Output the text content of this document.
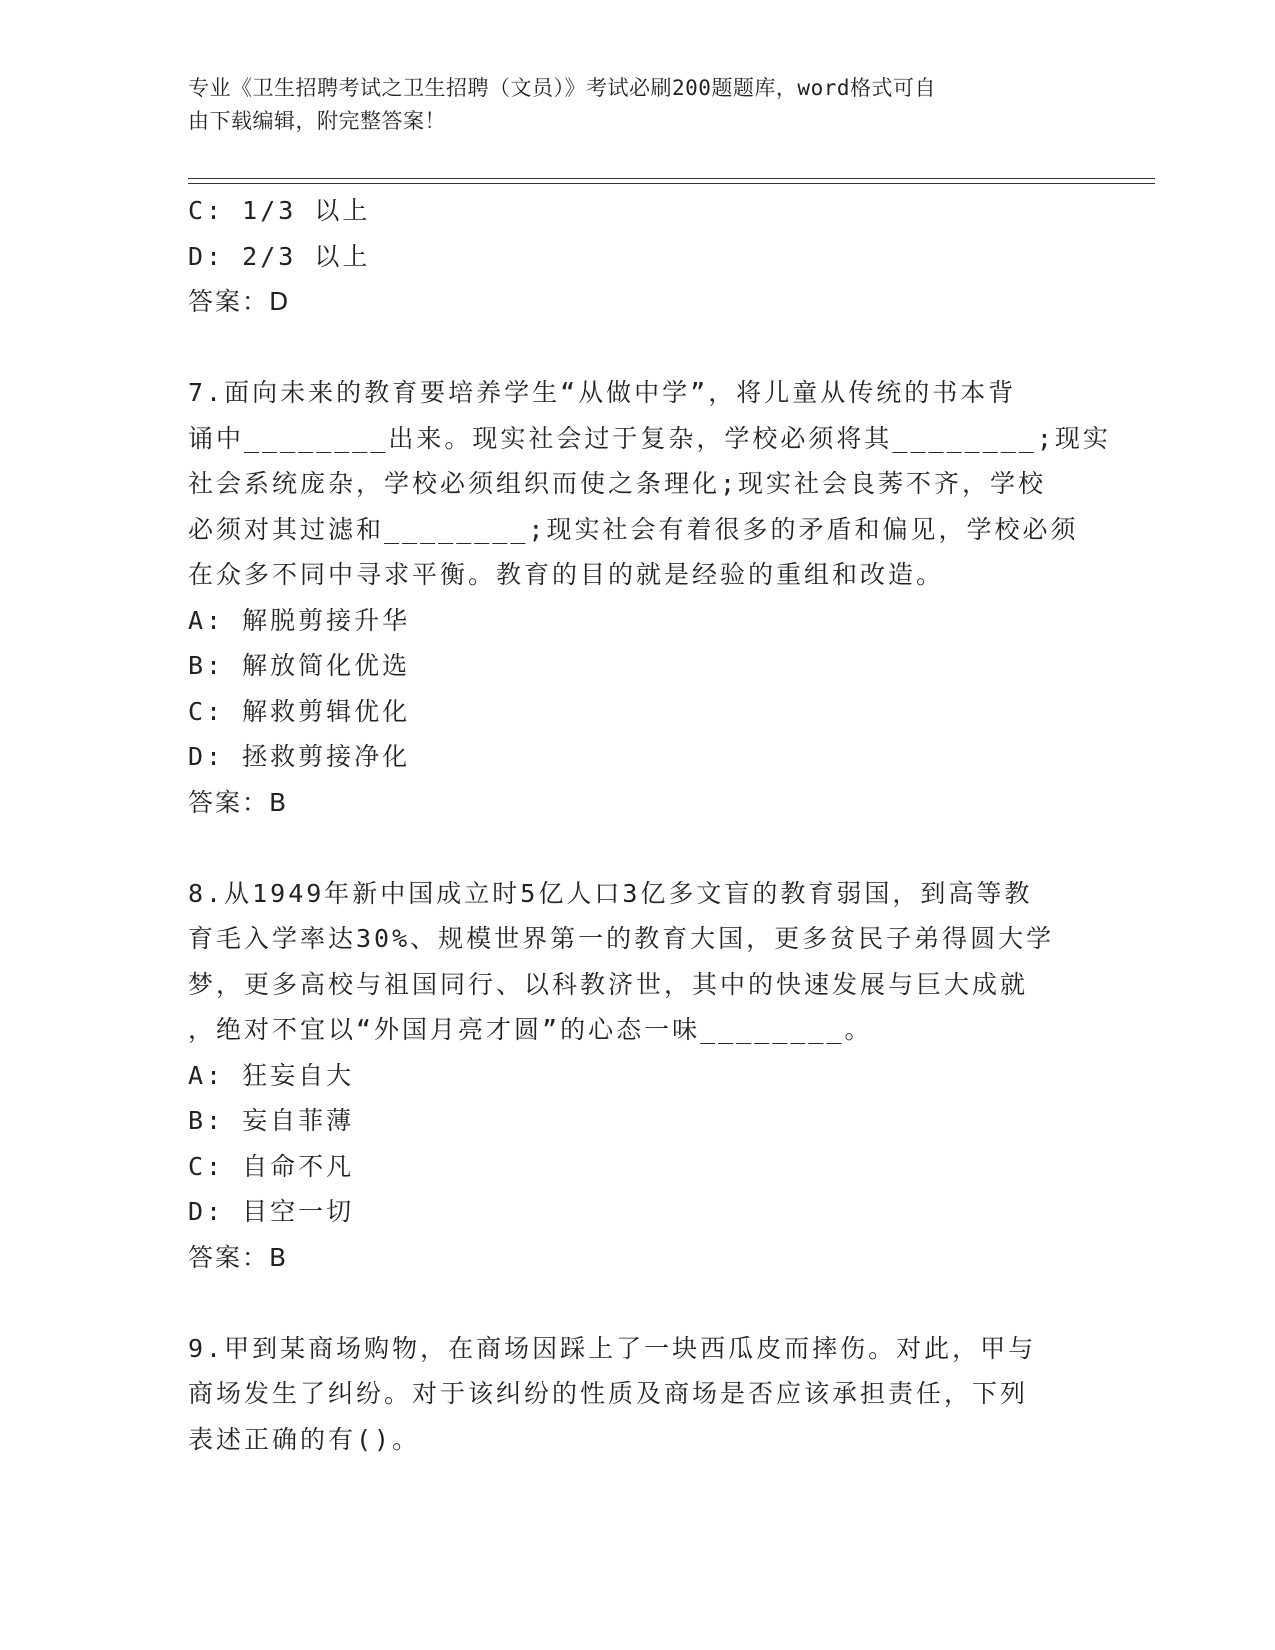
专业《卫生招聘考试之卫生招聘（文员）》考试必刷200题题库，word格式可自
由下载编辑，附完整答案！
C: 1/3 以上
D: 2/3 以上
答案：D
7.面向未来的教育要培养学生“从做中学”，将儿童从传统的书本背
诵中________出来。现实社会过于复杂，学校必须将其________;现实
社会系统庞杂，学校必须组织而使之条理化;现实社会良莠不齐，学校
必须对其过滤和________;现实社会有着很多的矛盾和偏见，学校必须
在众多不同中寻求平衡。教育的目的就是经验的重组和改造。
A: 解脱剪接升华
B: 解放简化优选
C: 解救剪辑优化
D: 拯救剪接净化
答案：B
8.从1949年新中国成立时5亿人口3亿多文盲的教育弱国，到高等教
育毛入学率达30%、规模世界第一的教育大国，更多贫民子弟得圆大学
梦，更多高校与祖国同行、以科教济世，其中的快速发展与巨大成就
，绝对不宜以“外国月亮才圆”的心态一味________。
A: 狂妄自大
B: 妄自菲薄
C: 自命不凡
D: 目空一切
答案：B
9.甲到某商场购物，在商场因踩上了一块西瓜皮而摔伤。对此，甲与
商场发生了纠纷。对于该纠纷的性质及商场是否应该承担责任，下列
表述正确的有()。
